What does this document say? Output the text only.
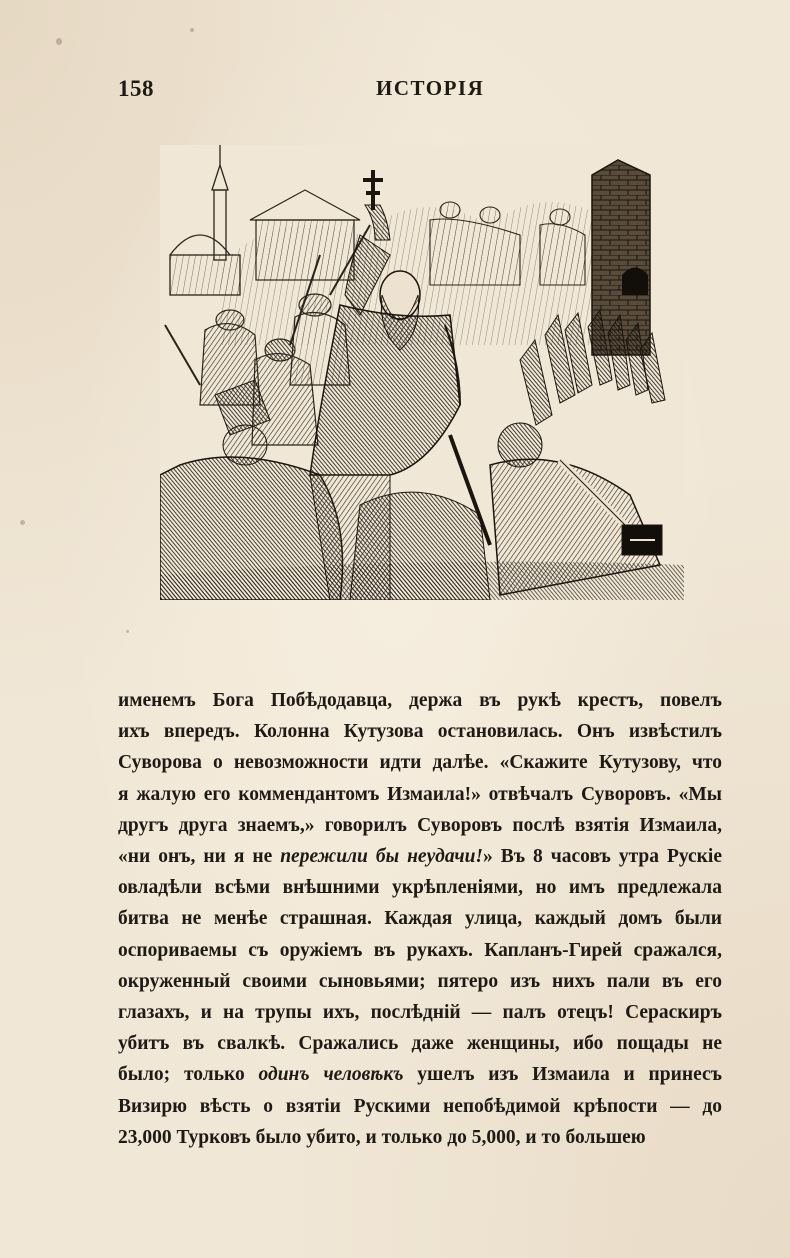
158	ИСТОРІЯ
именемъ Бога Побѣдодавца, держа въ рукѣ крестъ, повелъ
ихъ впередъ. Колонна Кутузова остановилась. Онъ извѣстилъ
Суворова о невозможности идти далѣе. «Скажите Кутузову, что
я жалую его коммендантомъ Измаила!» отвѣчалъ Суворовъ. «Мы
другъ друга знаемъ,» говорилъ Суворовъ послѣ взятія Измаила,
«ни онъ, ни я не пережили бы неудачи!» Въ 8 часовъ утра Рускіе
овладѣли всѣми внѣшними укрѣпленіями, но имъ предлежала
битва не менѣе страшная. Каждая улица, каждый домъ были
оспориваемы съ оружіемъ въ рукахъ. Капланъ-Гирей сражался,
окруженный своими сыновьями; пятеро изъ нихъ пали въ его
глазахъ, и на трупы ихъ, послѣдній — палъ отецъ! Сераскиръ
убитъ въ свалкѣ. Сражались даже женщины, ибо пощады не
было; только одинъ человѣкъ ушелъ изъ Измаила и принесъ
Визирю вѣсть о взятіи Рускими непобѣдимой крѣпости — до
23,000 Турковъ было убито, и только до 5,000, и то большею
